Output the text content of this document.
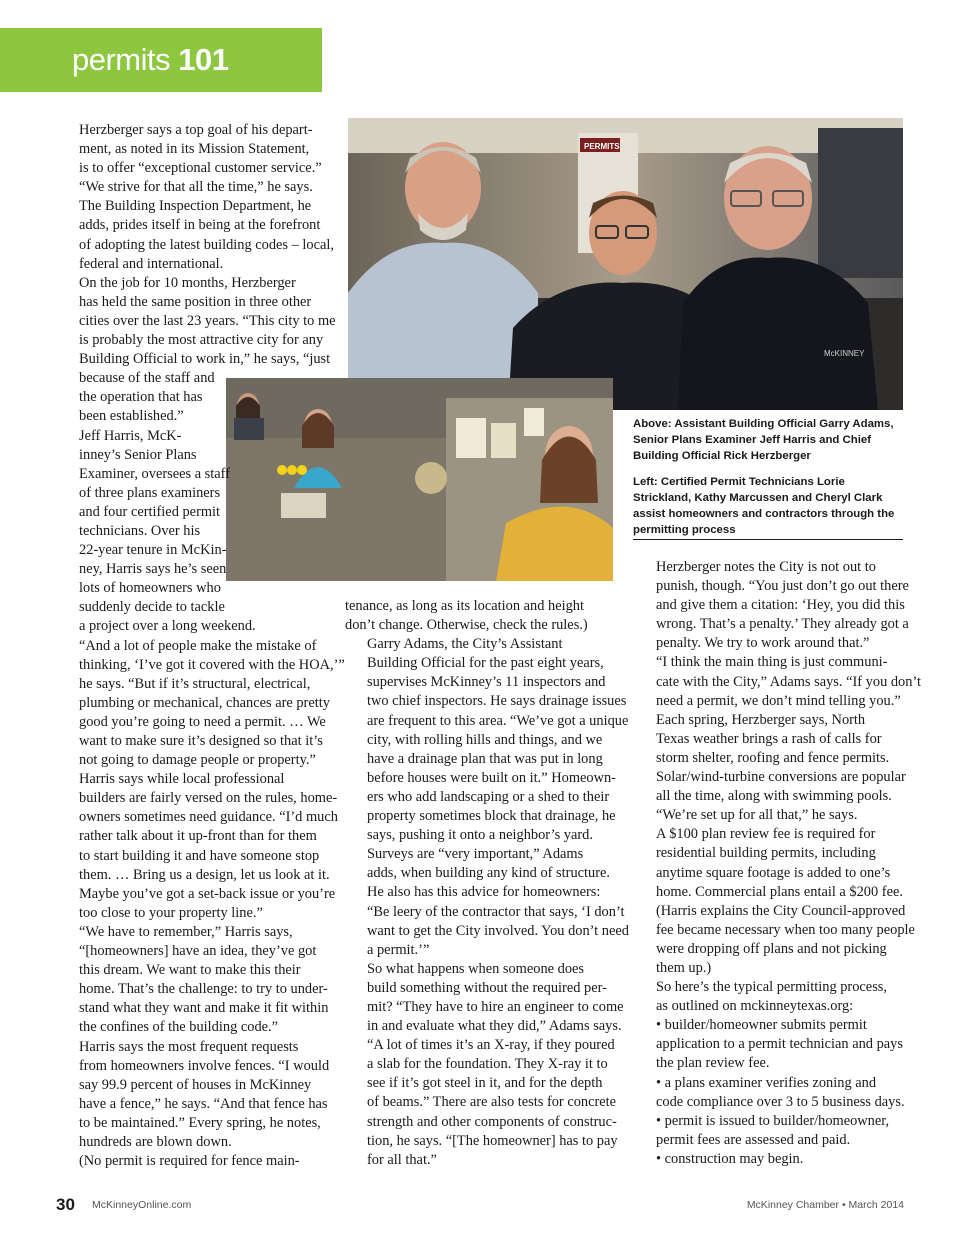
permits 101
PERMITS
McKINNEY

Herzberger says a top goal of his depart-
ment, as noted in its Mission Statement,
is to offer “exceptional customer service.”
“We strive for that all the time,” he says.
The Building Inspection Department, he
adds, prides itself in being at the forefront
of adopting the latest building codes – local,
federal and international.

On the job for 10 months, Herzberger
has held the same position in three other
cities over the last 23 years. “This city to me
is probably the most attractive city for any
Building Official to work in,” he says, “just
because of the staff and
the operation that has
been established.”

Jeff Harris, McK-
inney’s Senior Plans
Examiner, oversees a staff
of three plans examiners
and four certified permit
technicians. Over his
22-year tenure in McKin-
ney, Harris says he’s seen
lots of homeowners who
suddenly decide to tackle
a project over a long weekend.

“And a lot of people make the mistake of
thinking, ‘I’ve got it covered with the HOA,’”
he says. “But if it’s structural, electrical,
plumbing or mechanical, chances are pretty
good you’re going to need a permit. … We
want to make sure it’s designed so that it’s
not going to damage people or property.”

Harris says while local professional
builders are fairly versed on the rules, home-
owners sometimes need guidance. “I’d much
rather talk about it up-front than for them
to start building it and have someone stop
them. … Bring us a design, let us look at it.
Maybe you’ve got a set-back issue or you’re
too close to your property line.”

“We have to remember,” Harris says,
“[homeowners] have an idea, they’ve got
this dream. We want to make this their
home. That’s the challenge: to try to under-
stand what they want and make it fit within
the confines of the building code.”

Harris says the most frequent requests
from homeowners involve fences. “I would
say 99.9 percent of houses in McKinney
have a fence,” he says. “And that fence has
to be maintained.” Every spring, he notes,
hundreds are blown down.

(No permit is required for fence main-

tenance, as long as its location and height
don’t change. Otherwise, check the rules.)

Garry Adams, the City’s Assistant
Building Official for the past eight years,
supervises McKinney’s 11 inspectors and
two chief inspectors. He says drainage issues
are frequent to this area. “We’ve got a unique
city, with rolling hills and things, and we
have a drainage plan that was put in long
before houses were built on it.” Homeown-
ers who add landscaping or a shed to their
property sometimes block that drainage, he
says, pushing it onto a neighbor’s yard.

Surveys are “very important,” Adams
adds, when building any kind of structure.
He also has this advice for homeowners:
“Be leery of the contractor that says, ‘I don’t
want to get the City involved. You don’t need
a permit.’”

So what happens when someone does
build something without the required per-
mit? “They have to hire an engineer to come
in and evaluate what they did,” Adams says.
“A lot of times it’s an X-ray, if they poured
a slab for the foundation. They X-ray it to
see if it’s got steel in it, and for the depth
of beams.” There are also tests for concrete
strength and other components of construc-
tion, he says. “[The homeowner] has to pay
for all that.”

Above: Assistant Building Official Garry Adams, Senior Plans Examiner Jeff Harris and Chief Building Official Rick Herzberger

Left: Certified Permit Technicians Lorie Strickland, Kathy Marcussen and Cheryl Clark assist homeowners and contractors through the permitting process

Herzberger notes the City is not out to
punish, though. “You just don’t go out there
and give them a citation: ‘Hey, you did this
wrong. That’s a penalty.’ They already got a
penalty. We try to work around that.”

“I think the main thing is just communi-
cate with the City,” Adams says. “If you don’t
need a permit, we don’t mind telling you.”

Each spring, Herzberger says, North
Texas weather brings a rash of calls for
storm shelter, roofing and fence permits.
Solar/wind-turbine conversions are popular
all the time, along with swimming pools.
“We’re set up for all that,” he says.

A $100 plan review fee is required for
residential building permits, including
anytime square footage is added to one’s
home. Commercial plans entail a $200 fee.
(Harris explains the City Council-approved
fee became necessary when too many people
were dropping off plans and not picking
them up.)

So here’s the typical permitting process,
as outlined on mckinneytexas.org:

• builder/homeowner submits permit
application to a permit technician and pays
the plan review fee.

• a plans examiner verifies zoning and
code compliance over 3 to 5 business days.

• permit is issued to builder/homeowner,
permit fees are assessed and paid.

• construction may begin.

30 McKinneyOnline.com	McKinney Chamber • March 2014
